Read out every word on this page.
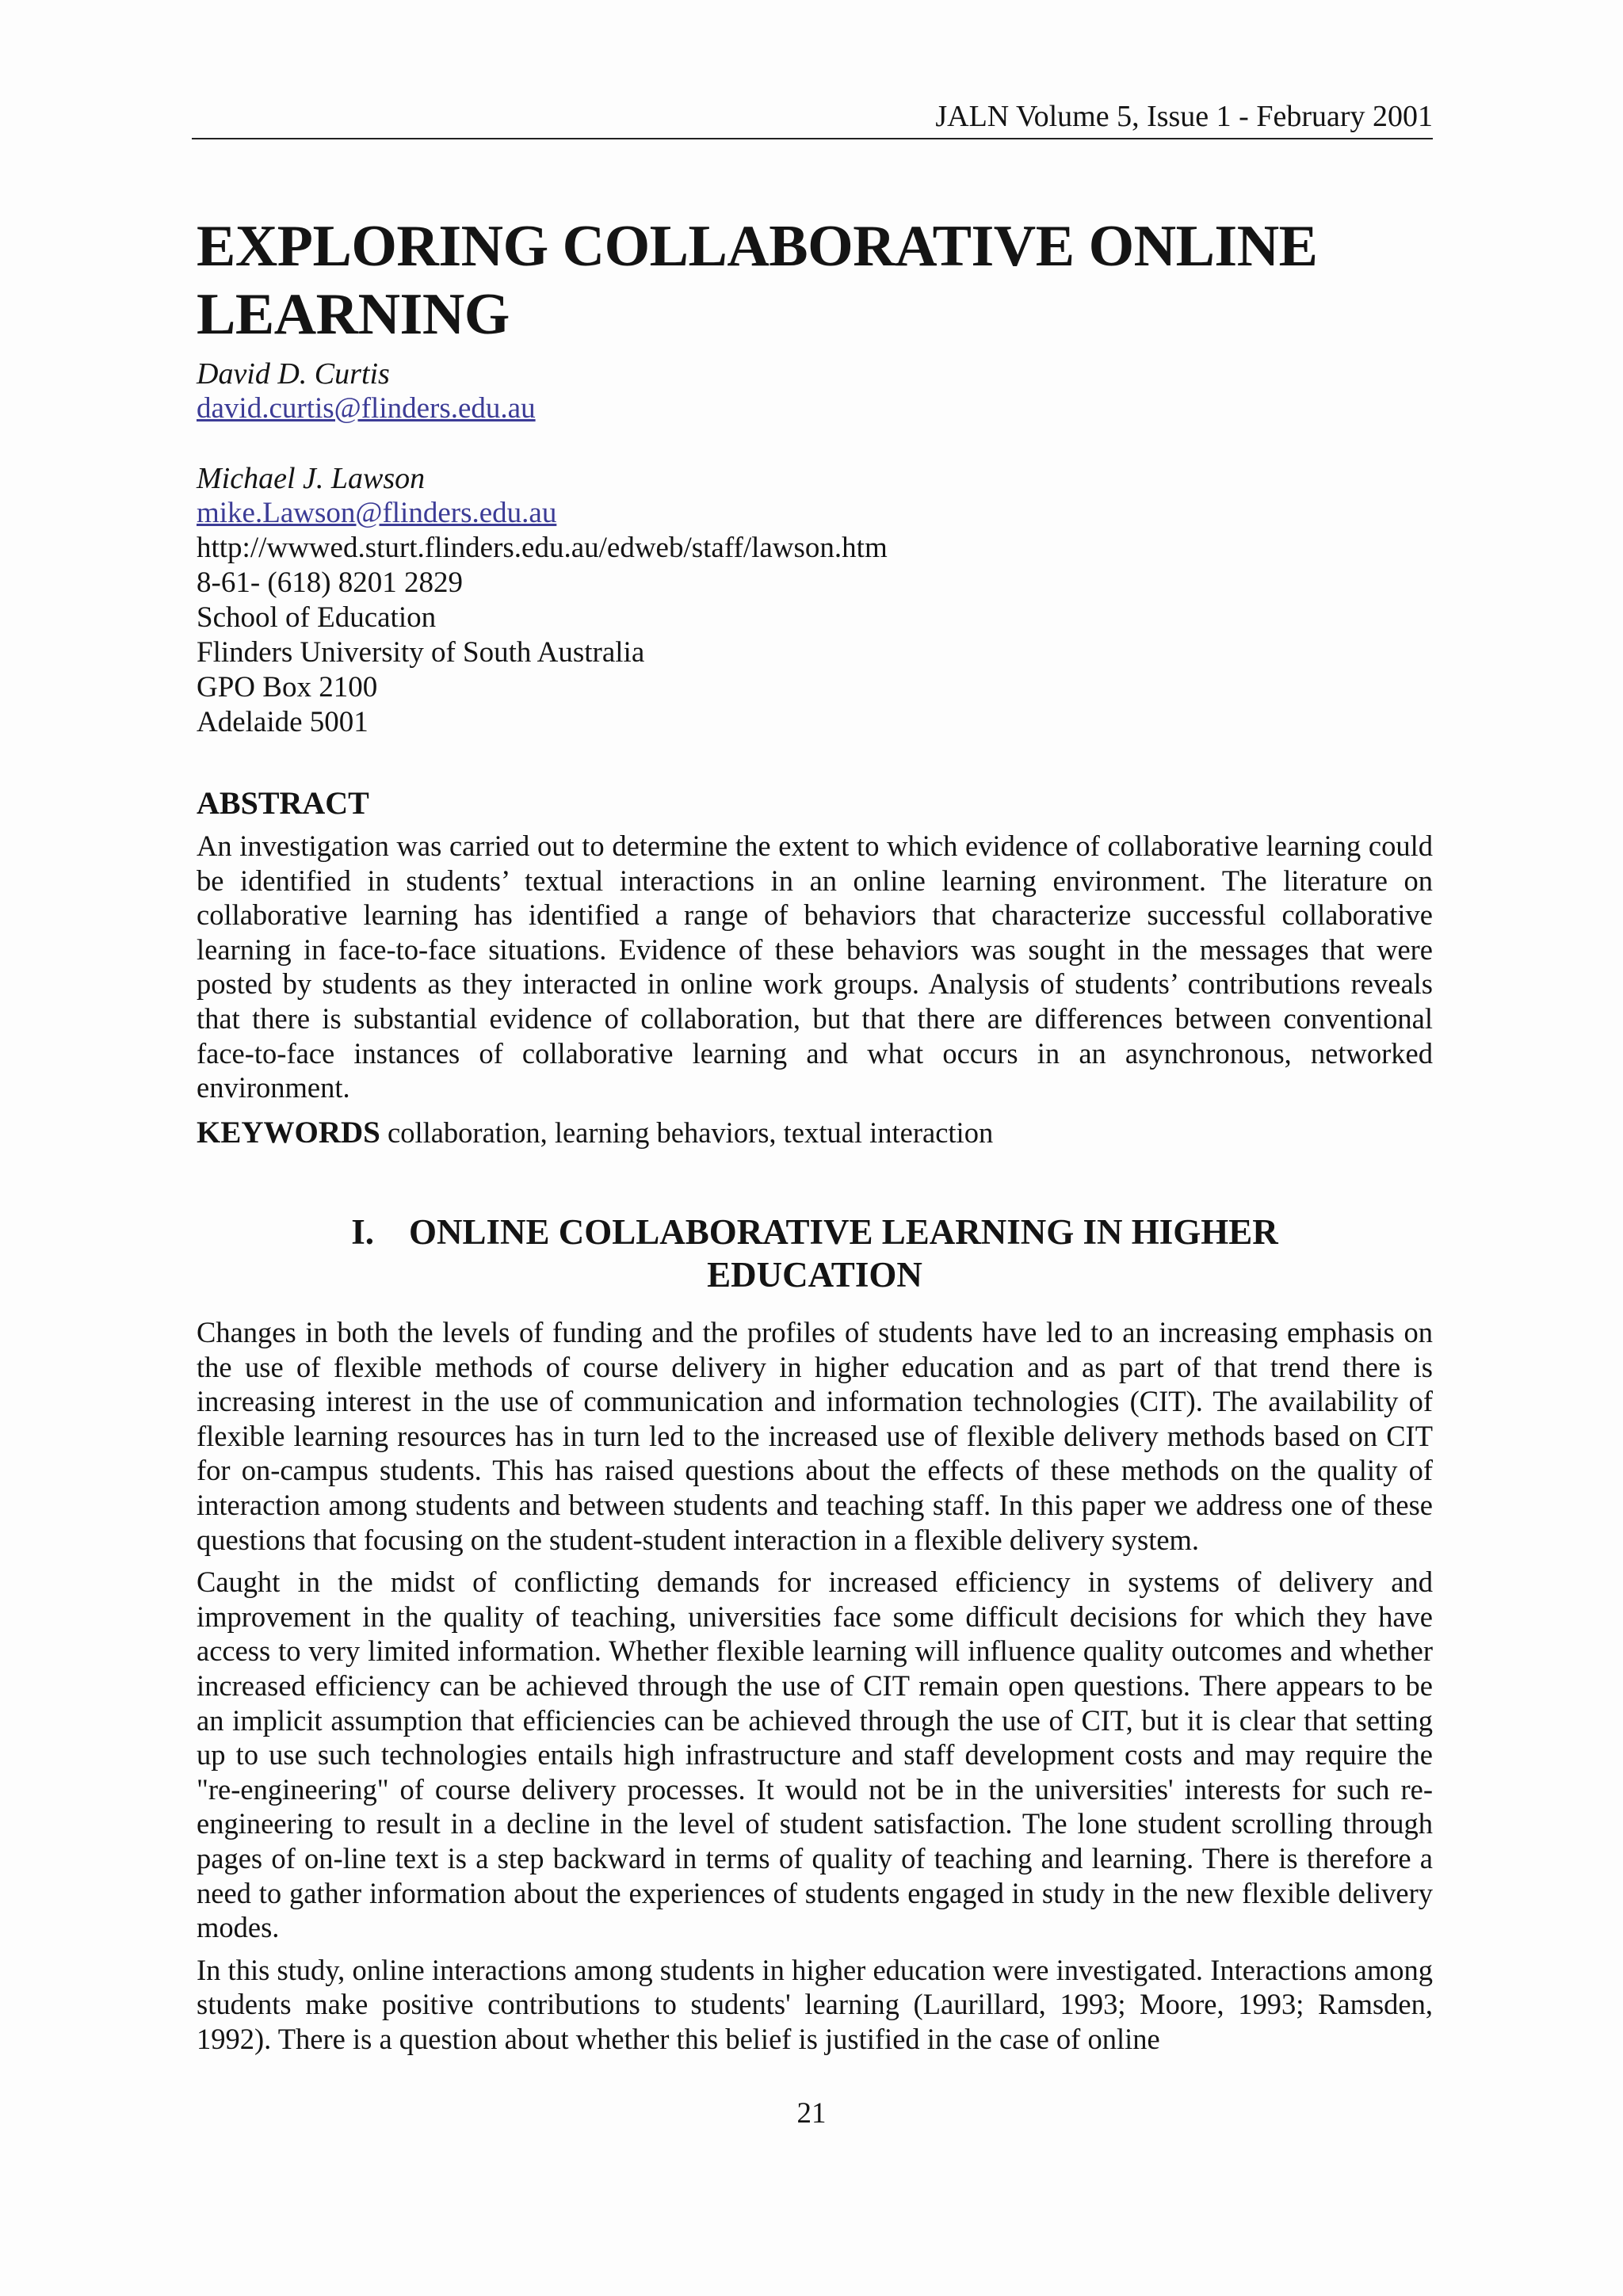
JALN Volume 5, Issue 1 - February 2001
EXPLORING COLLABORATIVE ONLINE
LEARNING
David D. Curtis
david.curtis@flinders.edu.au
Michael J. Lawson
mike.Lawson@flinders.edu.au
http://wwwed.sturt.flinders.edu.au/edweb/staff/lawson.htm
8-61- (618) 8201 2829
School of Education
Flinders University of South Australia
GPO Box 2100
Adelaide 5001
ABSTRACT

An investigation was carried out to determine the extent to which evidence of collaborative learning could be identified in students’ textual interactions in an online learning environment. The literature on collaborative learning has identified a range of behaviors that characterize successful collaborative learning in face-to-face situations. Evidence of these behaviors was sought in the messages that were posted by students as they interacted in online work groups. Analysis of students’ contributions reveals that there is substantial evidence of collaboration, but that there are differences between conventional face-to-face instances of collaborative learning and what occurs in an asynchronous, networked environment.

KEYWORDS collaboration, learning behaviors, textual interaction
I. ONLINE COLLABORATIVE LEARNING IN HIGHER
EDUCATION

Changes in both the levels of funding and the profiles of students have led to an increasing emphasis on the use of flexible methods of course delivery in higher education and as part of that trend there is increasing interest in the use of communication and information technologies (CIT). The availability of flexible learning resources has in turn led to the increased use of flexible delivery methods based on CIT for on-campus students. This has raised questions about the effects of these methods on the quality of interaction among students and between students and teaching staff. In this paper we address one of these questions that focusing on the student-student interaction in a flexible delivery system.

Caught in the midst of conflicting demands for increased efficiency in systems of delivery and improvement in the quality of teaching, universities face some difficult decisions for which they have access to very limited information. Whether flexible learning will influence quality outcomes and whether increased efficiency can be achieved through the use of CIT remain open questions. There appears to be an implicit assumption that efficiencies can be achieved through the use of CIT, but it is clear that setting up to use such technologies entails high infrastructure and staff development costs and may require the "re-engineering" of course delivery processes. It would not be in the universities' interests for such re-engineering to result in a decline in the level of student satisfaction. The lone student scrolling through pages of on-line text is a step backward in terms of quality of teaching and learning. There is therefore a need to gather information about the experiences of students engaged in study in the new flexible delivery modes.

In this study, online interactions among students in higher education were investigated. Interactions among students make positive contributions to students' learning (Laurillard, 1993; Moore, 1993; Ramsden, 1992). There is a question about whether this belief is justified in the case of online

21
